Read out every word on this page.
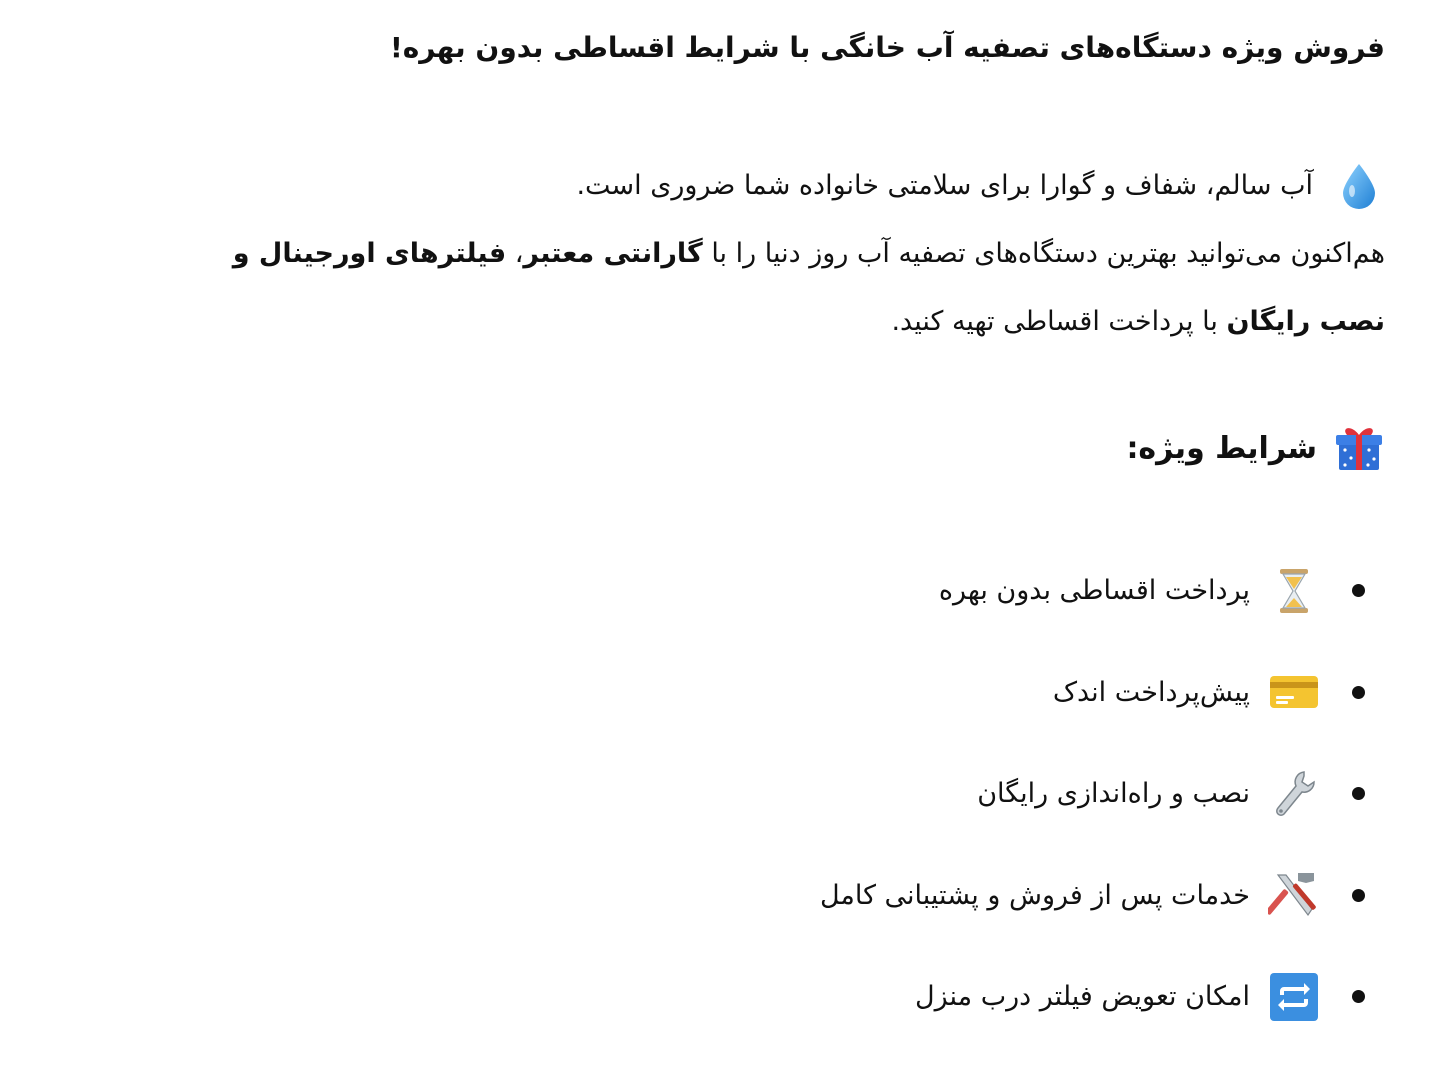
فروش ویژه دستگاه‌های تصفیه آب خانگی با شرایط اقساطی بدون بهره!

آب سالم، شفاف و گوارا برای سلامتی خانواده شما ضروری است.

هم‌اکنون می‌توانید بهترین دستگاه‌های تصفیه آب روز دنیا را با گارانتی معتبر، فیلترهای اورجینال و نصب رایگان با پرداخت اقساطی تهیه کنید.

شرایط ویژه:
پرداخت اقساطی بدون بهره
پیش‌پرداخت اندک
نصب و راه‌اندازی رایگان
خدمات پس از فروش و پشتیبانی کامل
امکان تعویض فیلتر درب منزل
